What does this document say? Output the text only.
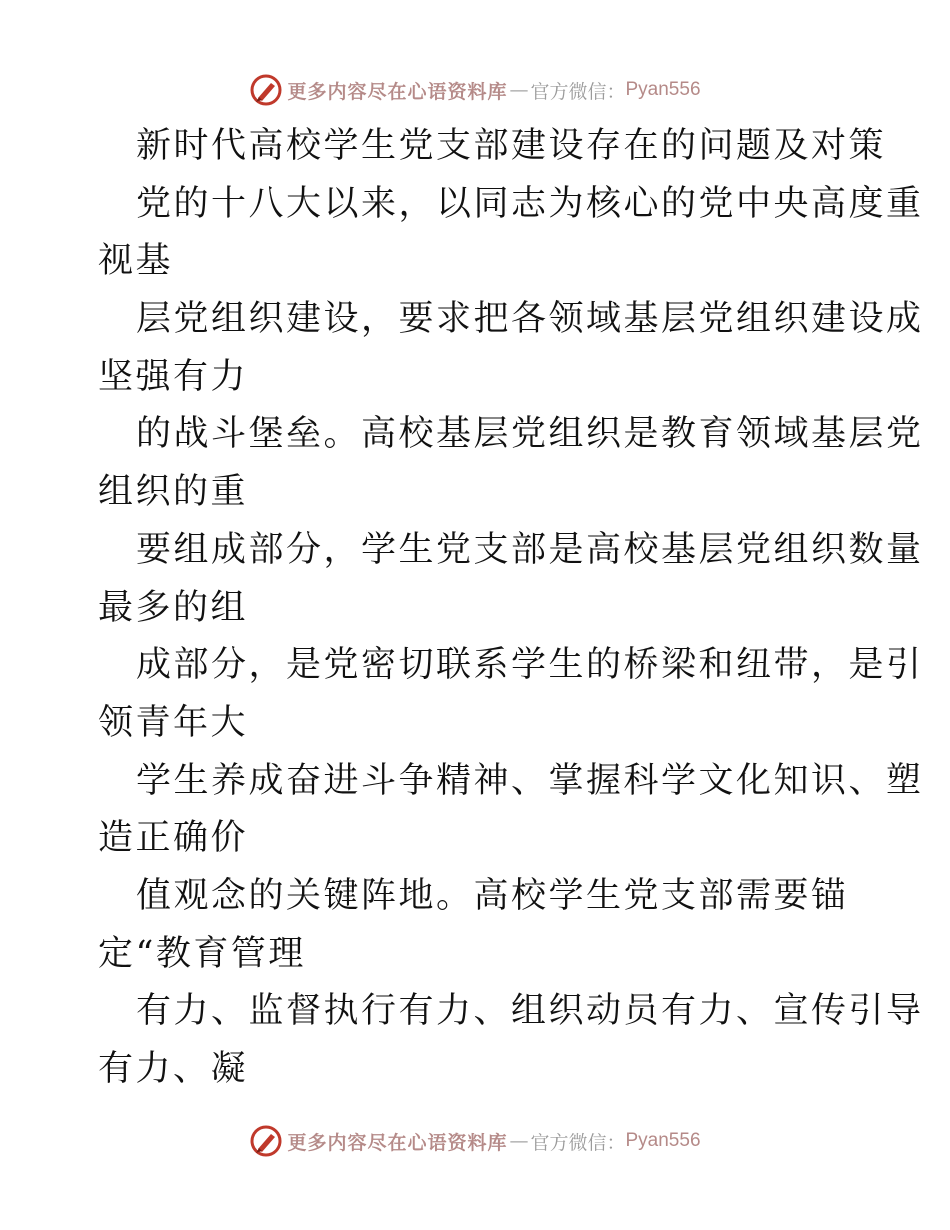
更多内容尽在心语资料库 — 官方微信： Pyan556

新时代高校学生党支部建设存在的问题及对策

党的十八大以来，以同志为核心的党中央高度重

视基

层党组织建设，要求把各领域基层党组织建设成

坚强有力

的战斗堡垒。高校基层党组织是教育领域基层党

组织的重

要组成部分，学生党支部是高校基层党组织数量

最多的组

成部分，是党密切联系学生的桥梁和纽带，是引

领青年大

学生养成奋进斗争精神、掌握科学文化知识、塑

造正确价

值观念的关键阵地。高校学生党支部需要锚

定“教育管理

有力、监督执行有力、组织动员有力、宣传引导

有力、凝

更多内容尽在心语资料库 — 官方微信： Pyan556
